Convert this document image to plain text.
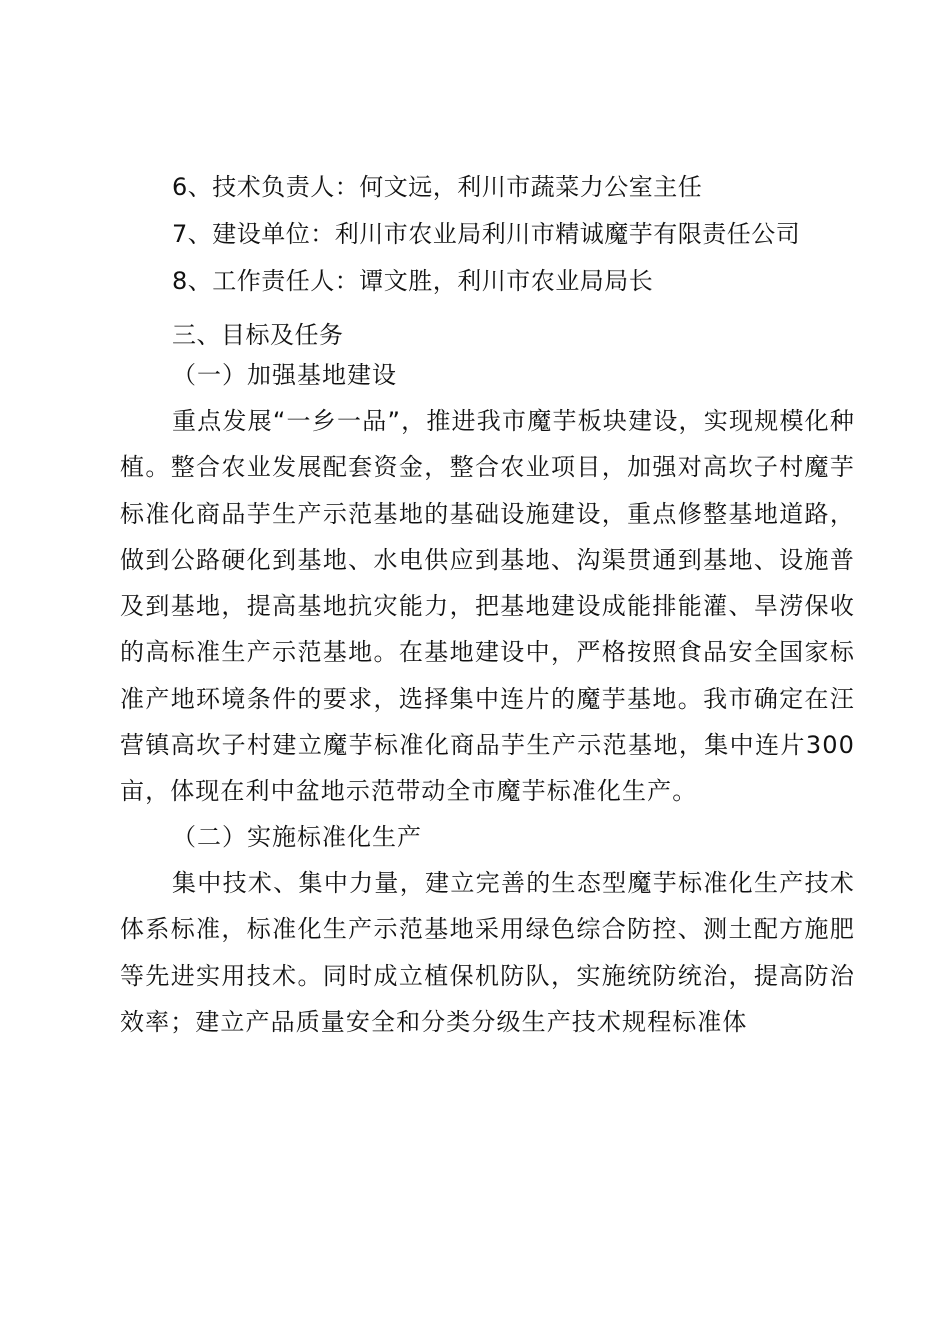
6、技术负责人：何文远，利川市蔬菜力公室主任
7、建设单位：利川市农业局利川市精诚魔芋有限责任公司
8、工作责任人：谭文胜，利川市农业局局长
三、目标及任务
（一）加强基地建设
重点发展“一乡一品”，推进我市魔芋板块建设，实现规模化种植。整合农业发展配套资金，整合农业项目，加强对高坎子村魔芋标准化商品芋生产示范基地的基础设施建设，重点修整基地道路，做到公路硬化到基地、水电供应到基地、沟渠贯通到基地、设施普及到基地，提高基地抗灾能力，把基地建设成能排能灌、旱涝保收的高标准生产示范基地。在基地建设中，严格按照食品安全国家标准产地环境条件的要求，选择集中连片的魔芋基地。我市确定在汪营镇高坎子村建立魔芋标准化商品芋生产示范基地，集中连片300亩，体现在利中盆地示范带动全市魔芋标准化生产。
（二）实施标准化生产
集中技术、集中力量，建立完善的生态型魔芋标准化生产技术体系标准，标准化生产示范基地采用绿色综合防控、测土配方施肥等先进实用技术。同时成立植保机防队，实施统防统治，提高防治效率；建立产品质量安全和分类分级生产技术规程标准体
